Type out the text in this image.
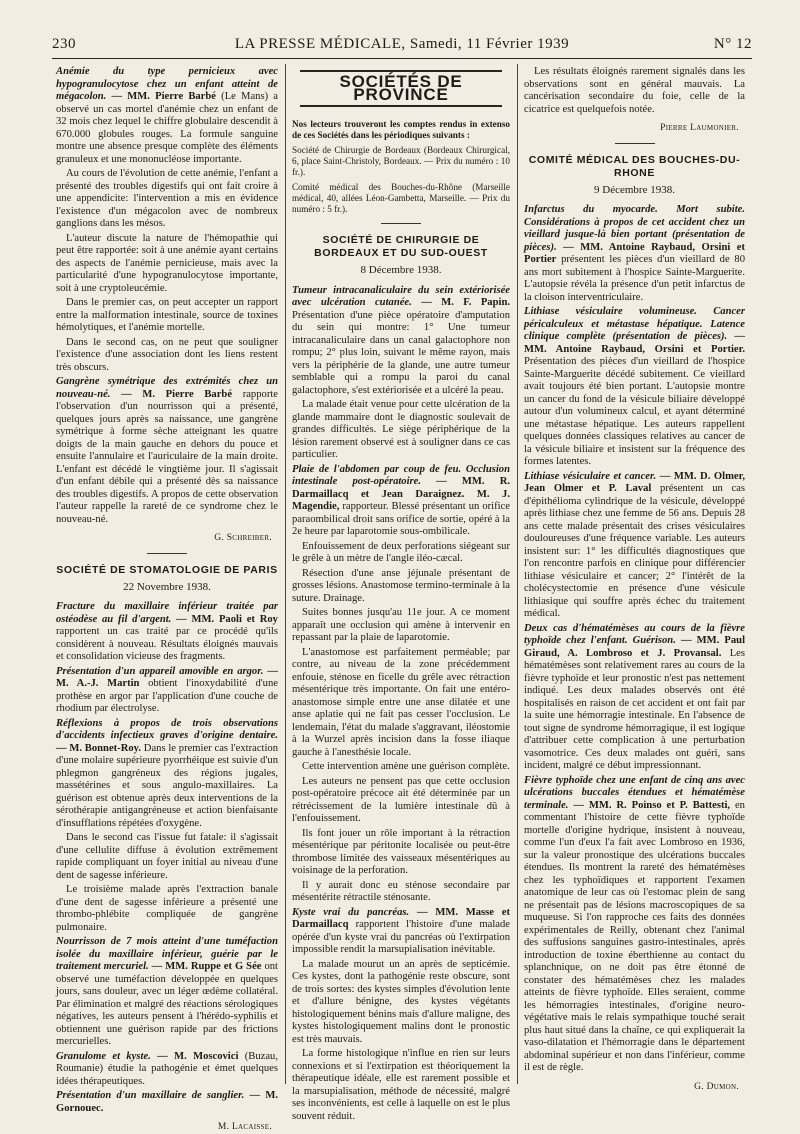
230	LA PRESSE MÉDICALE, Samedi, 11 Février 1939	N° 12

Anémie du type pernicieux avec hypogranulocytose chez un enfant atteint de mégacolon. — MM. Pierre Barbé (Le Mans) a observé un cas mortel d'anémie chez un enfant de 32 mois chez lequel le chiffre globulaire descendit à 670.000 globules rouges. La formule sanguine montre une absence presque complète des éléments granuleux et une mononucléose importante.

Au cours de l'évolution de cette anémie, l'enfant a présenté des troubles digestifs qui ont fait croire à une appendicite: l'intervention a mis en évidence l'existence d'un mégacolon avec de nombreux ganglions dans les mésos.

L'auteur discute la nature de l'hémopathie qui peut être rapportée: soit à une anémie ayant certains des aspects de l'anémie pernicieuse, mais avec la particularité d'une hypogranulocytose importante, soit à une cryptoleucémie.

Dans le premier cas, on peut accepter un rapport entre la malformation intestinale, source de toxines hémolytiques, et l'anémie mortelle.

Dans le second cas, on ne peut que souligner l'existence d'une association dont les liens restent très obscurs.

Gangrène symétrique des extrémités chez un nouveau-né. — M. Pierre Barbé rapporte l'observation d'un nourrisson qui a présenté, quelques jours après sa naissance, une gangrène symétrique à forme sèche atteignant les quatre doigts de la main gauche en dehors du pouce et ensuite l'annulaire et l'auriculaire de la main droite. L'enfant est décédé le vingtième jour. Il s'agissait d'un enfant débile qui a présenté dès sa naissance des troubles digestifs. A propos de cette observation l'auteur rappelle la rareté de ce syndrome chez le nouveau-né.

G. Schreiber.
SOCIÉTÉ DE STOMATOLOGIE DE PARIS
22 Novembre 1938.

Fracture du maxillaire inférieur traitée par ostéodèse au fil d'argent. — MM. Paoli et Roy rapportent un cas traité par ce procédé qu'ils considèrent à nouveau. Résultats éloignés mauvais et consolidation vicieuse des fragments.

Présentation d'un appareil amovible en argor. — M. A.-J. Martin obtient l'inoxydabilité d'une prothèse en argor par l'application d'une couche de rhodium par électrolyse.

Réflexions à propos de trois observations d'accidents infectieux graves d'origine dentaire. — M. Bonnet-Roy. Dans le premier cas l'extraction d'une molaire supérieure pyorrhéique est suivie d'un phlegmon gangréneux des régions jugales, massétérines et sous angulo-maxillaires. La guérison est obtenue après deux interventions de la sérothérapie antigangréneuse et action bienfaisante d'insufflations répétées d'oxygène.

Dans le second cas l'issue fut fatale: il s'agissait d'une cellulite diffuse à évolution extrêmement rapide compliquant un foyer initial au niveau d'une dent de sagesse inférieure.

Le troisième malade après l'extraction banale d'une dent de sagesse inférieure a présenté une thrombo-phlébite compliquée de gangrène pulmonaire.

Nourrisson de 7 mois atteint d'une tuméfaction isolée du maxillaire inférieur, guérie par le traitement mercuriel. — MM. Ruppe et G Sée ont observé une tuméfaction développée en quelques jours, sans douleur, avec un léger œdème collatéral. Par élimination et malgré des réactions sérologiques négatives, les auteurs pensent à l'hérédo-syphilis et obtiennent une guérison rapide par des frictions mercurielles.

Granulome et kyste. — M. Moscovici (Buzau, Roumanie) étudie la pathogénie et émet quelques idées thérapeutiques.

Présentation d'un maxillaire de sanglier. — M. Gornouec.

M. Lacaisse.
SOCIÉTÉS DE PROVINCE

Nos lecteurs trouveront les comptes rendus in extenso de ces Sociétés dans les périodiques suivants :

Société de Chirurgie de Bordeaux (Bordeaux Chirurgical, 6, place Saint-Christoly, Bordeaux. — Prix du numéro : 10 fr.).

Comité médical des Bouches-du-Rhône (Marseille médical, 40, allées Léon-Gambetta, Marseille. — Prix du numéro : 5 fr.).

SOCIÉTÉ DE CHIRURGIE DE BORDEAUX ET DU SUD-OUEST
8 Décembre 1938.

Tumeur intracanaliculaire du sein extériorisée avec ulcération cutanée. — M. F. Papin. Présentation d'une pièce opératoire d'amputation du sein qui montre: 1° Une tumeur intracanaliculaire dans un canal galactophore non rompu; 2° plus loin, suivant le même rayon, mais vers la périphérie de la glande, une autre tumeur semblable qui a rompu la paroi du canal galactophore, s'est extériorisée et a ulcéré la peau.

La malade était venue pour cette ulcération de la glande mammaire dont le diagnostic soulevait de grandes difficultés. Le siège périphérique de la lésion rarement observé est à souligner dans ce cas particulier.

Plaie de l'abdomen par coup de feu. Occlusion intestinale post-opératoire. — MM. R. Darmaillacq et Jean Daraignez. M. J. Magendie, rapporteur. Blessé présentant un orifice paraombilical droit sans orifice de sortie, opéré à la 2e heure par laparotomie sous-ombilicale.

Enfouissement de deux perforations siégeant sur le grêle à un mètre de l'angle iléo-cæcal.

Résection d'une anse jéjunale présentant de grosses lésions. Anastomose termino-terminale à la suture. Drainage.

Suites bonnes jusqu'au 11e jour. A ce moment apparaît une occlusion qui amène à intervenir en repassant par la plaie de laparotomie.

L'anastomose est parfaitement perméable; par contre, au niveau de la zone précédemment enfouie, sténose en ficelle du grêle avec rétraction mésentérique très importante. On fait une entéro-anastomose simple entre une anse dilatée et une anse aplatie qui ne fait pas cesser l'occlusion. Le lendemain, l'état du malade s'aggravant, iléostomie à la Wurzel après incision dans la fosse iliaque gauche à l'anesthésie locale.

Cette intervention amène une guérison complète.

Les auteurs ne pensent pas que cette occlusion post-opératoire précoce ait été déterminée par un rétrécissement de la lumière intestinale dû à l'enfouissement.

Ils font jouer un rôle important à la rétraction mésentérique par péritonite localisée ou peut-être thrombose limitée des vaisseaux mésentériques au voisinage de la perforation.

Il y aurait donc eu sténose secondaire par mésentérite rétractile sténosante.

Kyste vrai du pancréas. — MM. Masse et Darmaillacq rapportent l'histoire d'une malade opérée d'un kyste vrai du pancréas où l'extirpation impossible rendit la marsupialisation inévitable.

La malade mourut un an après de septicémie. Ces kystes, dont la pathogénie reste obscure, sont de trois sortes: des kystes simples d'évolution lente et d'allure bénigne, des kystes végétants histologiquement bénins mais d'allure maligne, des kystes histologiquement malins dont le pronostic est très mauvais.

La forme histologique n'influe en rien sur leurs connexions et si l'extirpation est théoriquement la thérapeutique idéale, elle est rarement possible et la marsupialisation, méthode de nécessité, malgré ses inconvénients, est celle à laquelle on est le plus souvent réduit.

Les résultats éloignés rarement signalés dans les observations sont en général mauvais. La cancérisation secondaire du foie, celle de la cicatrice est quelquefois notée.

Pierre Laumonier.
COMITÉ MÉDICAL DES BOUCHES-DU-RHONE
9 Décembre 1938.

Infarctus du myocarde. Mort subite. Considérations à propos de cet accident chez un vieillard jusque-là bien portant (présentation de pièces). — MM. Antoine Raybaud, Orsini et Portier présentent les pièces d'un vieillard de 80 ans mort subitement à l'hospice Sainte-Marguerite. L'autopsie révéla la présence d'un petit infarctus de la cloison interventriculaire.

Lithiase vésiculaire volumineuse. Cancer péricalculeux et métastase hépatique. Latence clinique complète (présentation de pièces). — MM. Antoine Raybaud, Orsini et Portier. Présentation des pièces d'un vieillard de l'hospice Sainte-Marguerite décédé subitement. Ce vieillard avait toujours été bien portant. L'autopsie montre un cancer du fond de la vésicule biliaire développé autour d'un volumineux calcul, et ayant déterminé une métastase hépatique. Les auteurs rappellent quelques données classiques relatives au cancer de la vésicule biliaire et insistent sur la fréquence des formes latentes.

Lithiase vésiculaire et cancer. — MM. D. Olmer, Jean Olmer et P. Laval présentent un cas d'épithélioma cylindrique de la vésicule, développé après lithiase chez une femme de 56 ans. Depuis 28 ans cette malade présentait des crises vésiculaires douloureuses d'une fréquence variable. Les auteurs insistent sur: 1° les difficultés diagnostiques que l'on rencontre parfois en clinique pour différencier lithiase vésiculaire et cancer; 2° l'intérêt de la cholécystectomie en présence d'une vésicule lithiasique qui souffre après échec du traitement médical.

Deux cas d'hématémèses au cours de la fièvre typhoïde chez l'enfant. Guérison. — MM. Paul Giraud, A. Lombroso et J. Provansal. Les hématémèses sont relativement rares au cours de la fièvre typhoïde et leur pronostic n'est pas nettement indiqué. Les deux malades observés ont été hospitalisés en raison de cet accident et ont fait par la suite une hémorragie intestinale. En l'absence de tout signe de syndrome hémorragique, il est logique d'attribuer cette complication à une perturbation vasomotrice. Ces deux malades ont guéri, sans incident, malgré ce début impressionnant.

Fièvre typhoïde chez une enfant de cinq ans avec ulcérations buccales étendues et hématémèse terminale. — MM. R. Poinso et P. Battesti, en commentant l'histoire de cette fièvre typhoïde mortelle d'origine hydrique, insistent à nouveau, comme l'un d'eux l'a fait avec Lombroso en 1936, sur la valeur pronostique des ulcérations buccales étendues. Ils montrent la rareté des hématémèses chez les typhoïdiques et rapportent l'examen anatomique de leur cas où l'estomac plein de sang ne présentait pas de lésions macroscopiques de sa muqueuse. Si l'on rapproche ces faits des données expérimentales de Reilly, obtenant chez l'animal des suffusions sanguines gastro-intestinales, après introduction de toxine éberthienne au contact du splanchnique, on ne doit pas être étonné de constater des hématémèses chez les malades atteints de fièvre typhoïde. Elles seraient, comme les hémorragies intestinales, d'origine neuro-végétative mais le relais sympathique touché serait plus haut situé dans la chaîne, ce qui expliquerait la vaso-dilatation et l'hémorragie dans le département abdominal supérieur et non dans l'inférieur, comme il est de règle.

G. Dumon.
